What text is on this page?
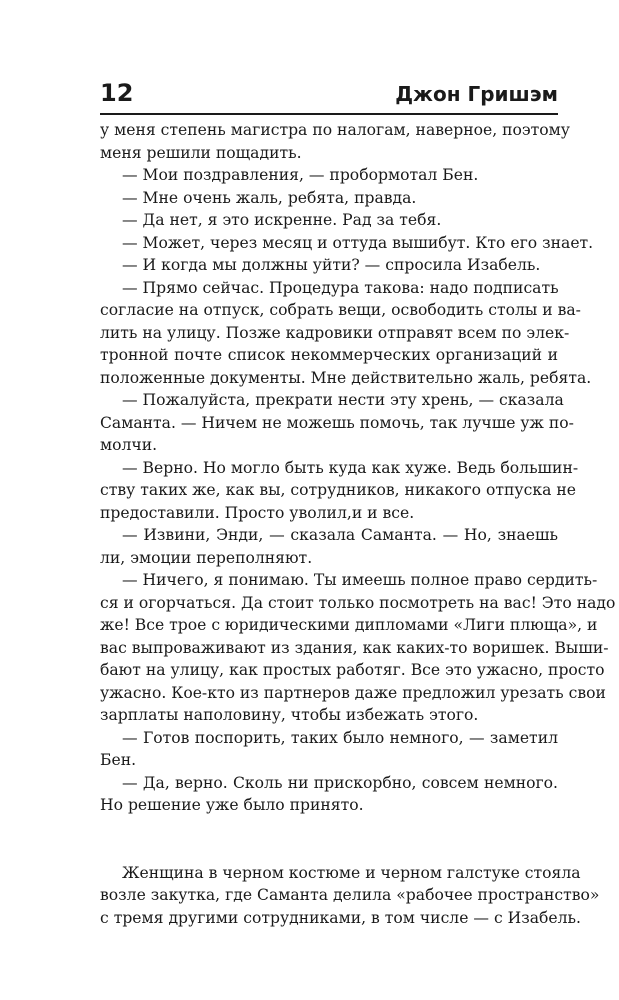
12	Джон Гришэм
у меня степень магистра по налогам, наверное, поэтому
меня решили пощадить.
— Мои поздравления, — пробормотал Бен.
— Мне очень жаль, ребята, правда.
— Да нет, я это искренне. Рад за тебя.
— Может, через месяц и оттуда вышибут. Кто его знает.
— И когда мы должны уйти? — спросила Изабель.
— Прямо сейчас. Процедура такова: надо подписать
согласие на отпуск, собрать вещи, освободить столы и ва-
лить на улицу. Позже кадровики отправят всем по элек-
тронной почте список некоммерческих организаций и
положенные документы. Мне действительно жаль, ребята.
— Пожалуйста, прекрати нести эту хрень, — сказала
Саманта. — Ничем не можешь помочь, так лучше уж по-
молчи.
— Верно. Но могло быть куда как хуже. Ведь большин-
ству таких же, как вы, сотрудников, никакого отпуска не
предоставили. Просто уволил,и и все.
— Извини, Энди, — сказала Саманта. — Но, знаешь
ли, эмоции переполняют.
— Ничего, я понимаю. Ты имеешь полное право сердить-
ся и огорчаться. Да стоит только посмотреть на вас! Это надо
же! Все трое с юридическими дипломами «Лиги плюща», и
вас выпроваживают из здания, как каких-то воришек. Выши-
бают на улицу, как простых работяг. Все это ужасно, просто
ужасно. Кое-кто из партнеров даже предложил урезать свои
зарплаты наполовину, чтобы избежать этого.
— Готов поспорить, таких было немного, — заметил
Бен.
— Да, верно. Сколь ни прискорбно, совсем немного.
Но решение уже было принято.
Женщина в черном костюме и черном галстуке стояла
возле закутка, где Саманта делила «рабочее пространство»
с тремя другими сотрудниками, в том числе — с Изабель.
